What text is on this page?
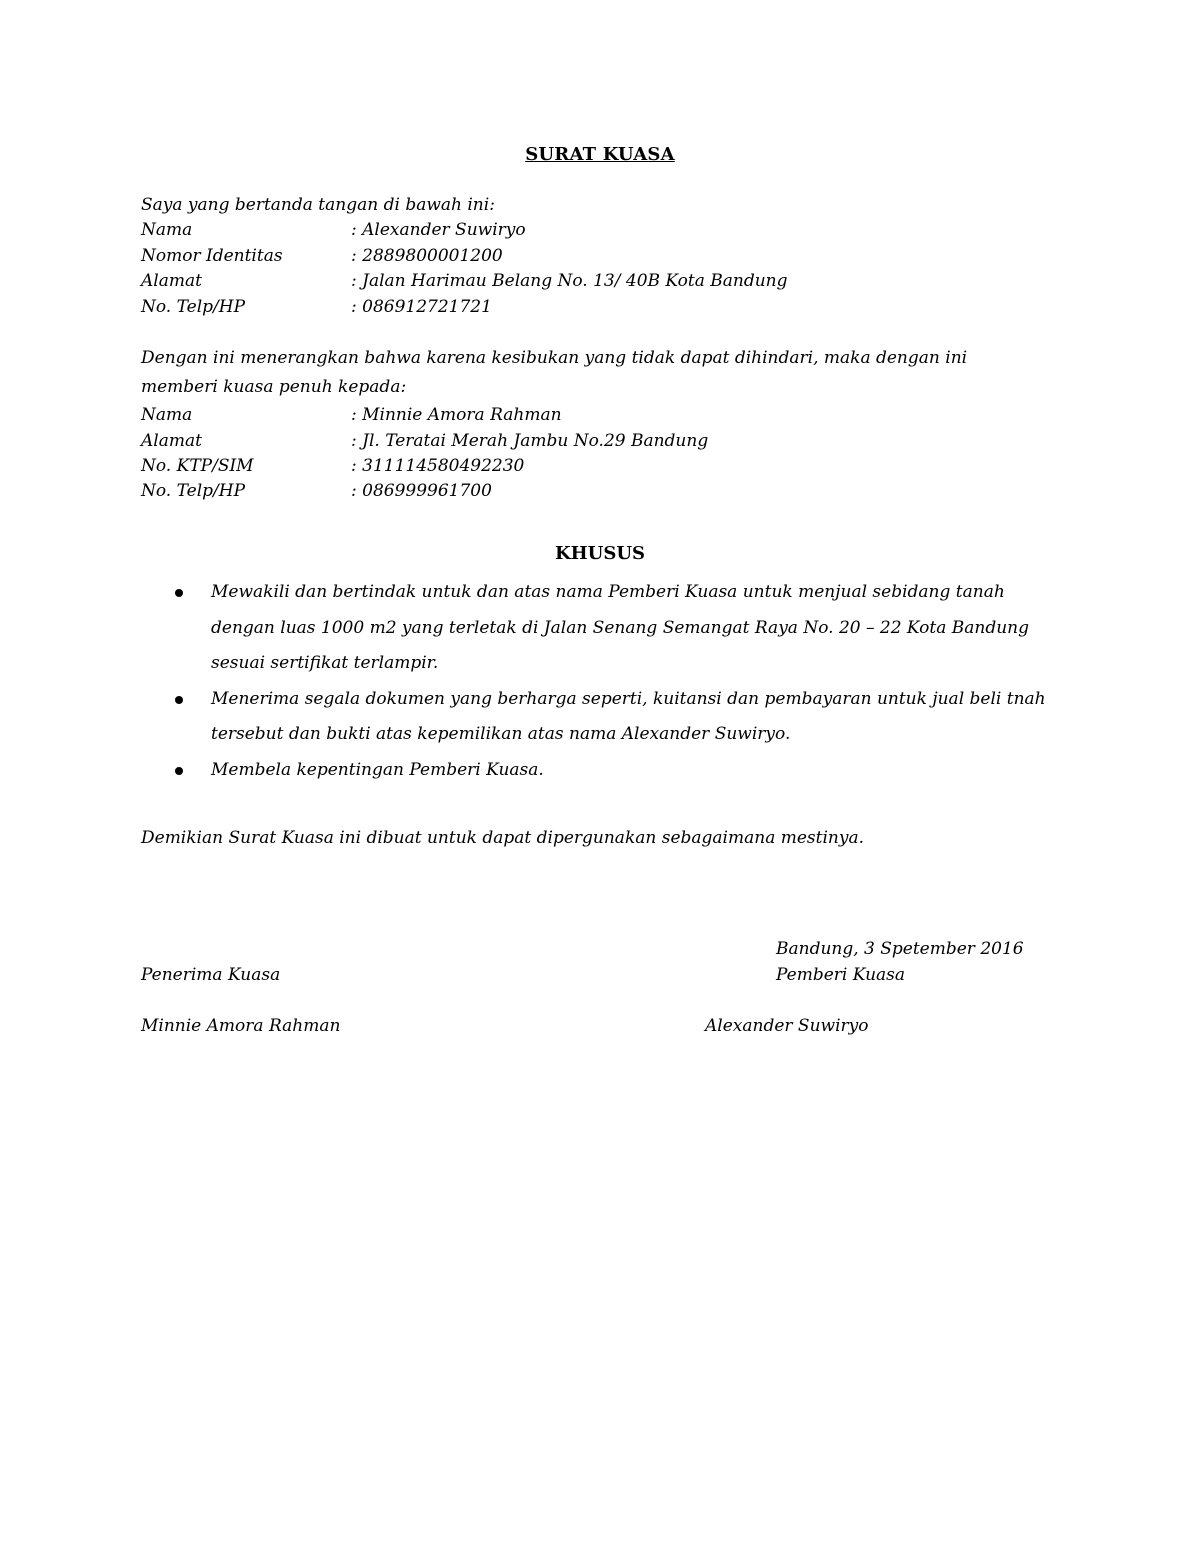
SURAT KUASA
Saya yang bertanda tangan di bawah ini:
Nama	: Alexander Suwiryo
Nomor Identitas	: 2889800001200
Alamat	: Jalan Harimau Belang No. 13/ 40B Kota Bandung
No. Telp/HP	: 086912721721
Dengan ini menerangkan bahwa karena kesibukan yang tidak dapat dihindari, maka dengan ini
memberi kuasa penuh kepada:
Nama	: Minnie Amora Rahman
Alamat	: Jl. Teratai Merah Jambu No.29 Bandung
No. KTP/SIM	: 311114580492230
No. Telp/HP	: 086999961700
KHUSUS
Mewakili dan bertindak untuk dan atas nama Pemberi Kuasa untuk menjual sebidang tanah dengan luas 1000 m2 yang terletak di Jalan Senang Semangat Raya No. 20 – 22 Kota Bandung sesuai sertifikat terlampir.
Menerima segala dokumen yang berharga seperti, kuitansi dan pembayaran untuk jual beli tnah tersebut dan bukti atas kepemilikan atas nama Alexander Suwiryo.
Membela kepentingan Pemberi Kuasa.
Demikian Surat Kuasa ini dibuat untuk dapat dipergunakan sebagaimana mestinya.
Bandung, 3 Spetember 2016
Penerima Kuasa	Pemberi Kuasa
Minnie Amora Rahman	Alexander Suwiryo
